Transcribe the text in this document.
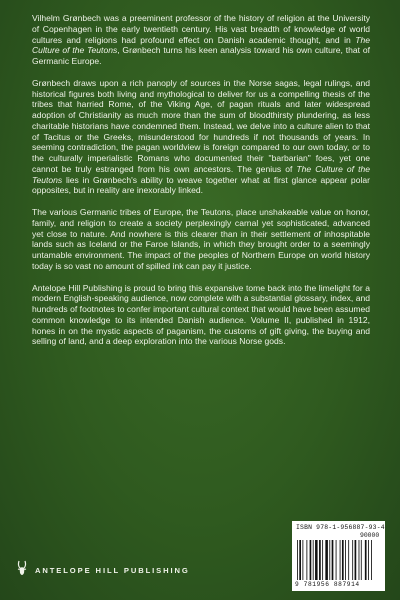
Vilhelm Grønbech was a preeminent professor of the history of religion at the University of Copenhagen in the early twentieth century. His vast breadth of knowledge of world cultures and religions had profound effect on Danish academic thought, and in The Culture of the Teutons, Grønbech turns his keen analysis toward his own culture, that of Germanic Europe.

Grønbech draws upon a rich panoply of sources in the Norse sagas, legal rulings, and historical figures both living and mythological to deliver for us a compelling thesis of the tribes that harried Rome, of the Viking Age, of pagan rituals and later widespread adoption of Christianity as much more than the sum of bloodthirsty plundering, as less charitable historians have condemned them. Instead, we delve into a culture alien to that of Tacitus or the Greeks, misunderstood for hundreds if not thousands of years. In seeming contradiction, the pagan worldview is foreign compared to our own today, or to the culturally imperialistic Romans who documented their "barbarian" foes, yet one cannot be truly estranged from his own ancestors. The genius of The Culture of the Teutons lies in Grønbech's ability to weave together what at first glance appear polar opposites, but in reality are inexorably linked.

The various Germanic tribes of Europe, the Teutons, place unshakeable value on honor, family, and religion to create a society perplexingly carnal yet sophisticated, advanced yet close to nature. And nowhere is this clearer than in their settlement of inhospitable lands such as Iceland or the Faroe Islands, in which they brought order to a seemingly untamable environment. The impact of the peoples of Northern Europe on world history today is so vast no amount of spilled ink can pay it justice.

Antelope Hill Publishing is proud to bring this expansive tome back into the limelight for a modern English-speaking audience, now complete with a substantial glossary, index, and hundreds of footnotes to confer important cultural context that would have been assumed common knowledge to its intended Danish audience. Volume II, published in 1912, hones in on the mystic aspects of paganism, the customs of gift giving, the buying and selling of land, and a deep exploration into the various Norse gods.

ANTELOPE HILL PUBLISHING
ISBN 978-1-956887-93-4
90000
9 781956 887914
